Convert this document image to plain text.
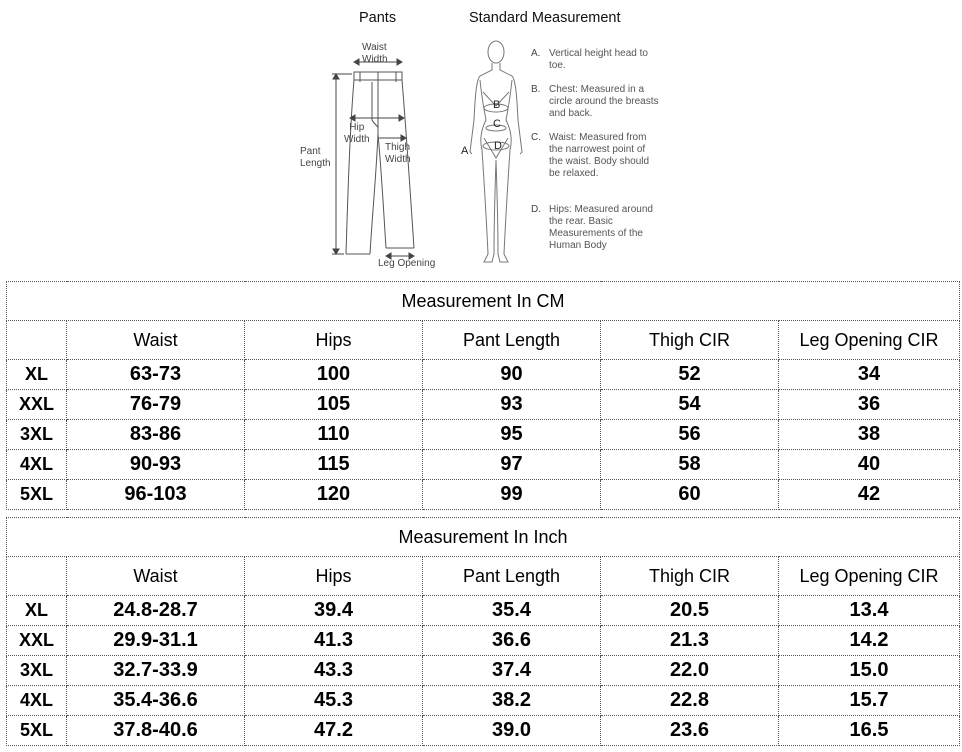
Pants	Standard Measurement
Waist
Width
Hip
Width
Pant
Length
Thigh
Width
Leg Opening
B
C
D
A
A. Vertical height head to toe.
B. Chest: Measured in a circle around the breasts and back.
C. Waist: Measured from the narrowest point of the waist. Body should be relaxed.
D. Hips: Measured around the rear. Basic Measurements of the Human Body
Measurement In CM					
	Waist	Hips	Pant Length	Thigh CIR	Leg Opening CIR
XL	63-73	100	90	52	34
XXL	76-79	105	93	54	36
3XL	83-86	110	95	56	38
4XL	90-93	115	97	58	40
5XL	96-103	120	99	60	42
Measurement In Inch					
	Waist	Hips	Pant Length	Thigh CIR	Leg Opening CIR
XL	24.8-28.7	39.4	35.4	20.5	13.4
XXL	29.9-31.1	41.3	36.6	21.3	14.2
3XL	32.7-33.9	43.3	37.4	22.0	15.0
4XL	35.4-36.6	45.3	38.2	22.8	15.7
5XL	37.8-40.6	47.2	39.0	23.6	16.5
